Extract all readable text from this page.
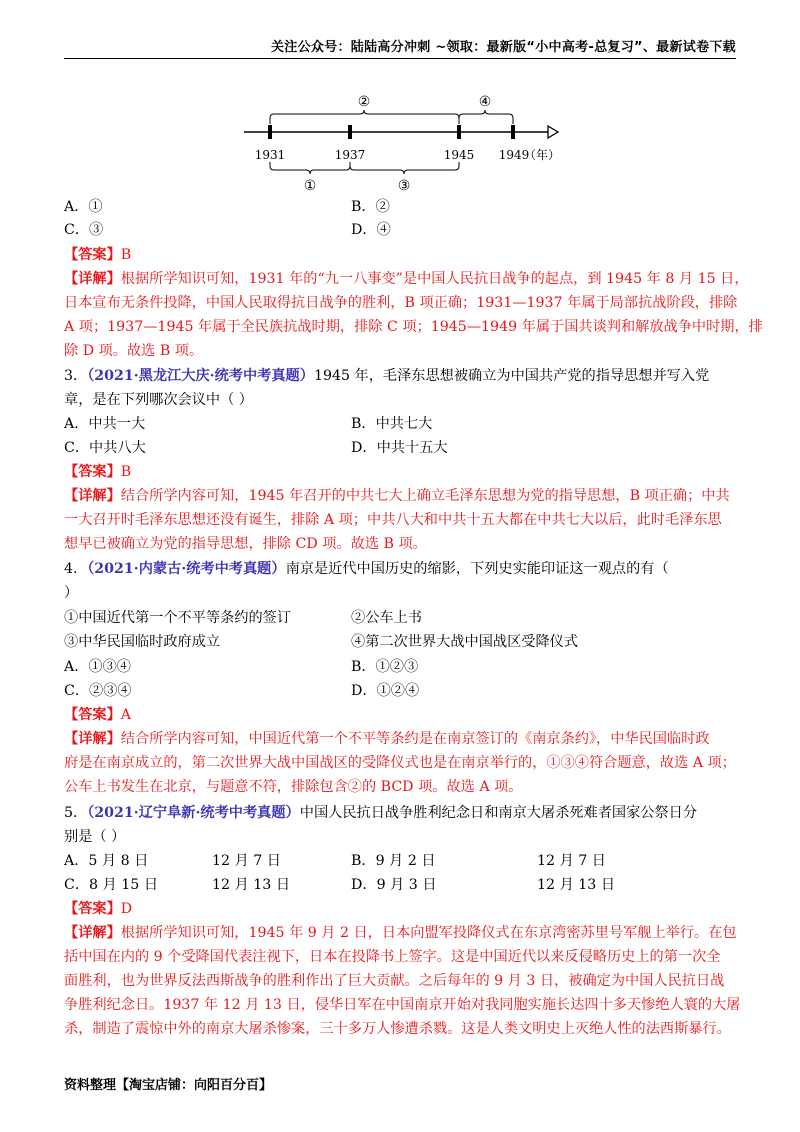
关注公众号：陆陆高分冲刺 ~领取：最新版“小中高考-总复习”、最新试卷下载
②	④
1931	1937	1945 1949
（年）
①	③
A．①	B．②
C．③	D．④
【答案】B
【详解】根据所学知识可知，1931 年的“九一八事变”是中国人民抗日战争的起点，到 1945 年 8 月 15 日，
日本宣布无条件投降，中国人民取得抗日战争的胜利，B 项正确；1931—1937 年属于局部抗战阶段，排除
A 项；1937—1945 年属于全民族抗战时期，排除 C 项；1945—1949 年属于国共谈判和解放战争中时期，排
除 D 项。故选 B 项。
3．（2021·黑龙江大庆·统考中考真题）1945 年，毛泽东思想被确立为中国共产党的指导思想并写入党
章，是在下列哪次会议中（ ）
A．中共一大	B．中共七大
C．中共八大	D．中共十五大
【答案】B
【详解】结合所学内容可知，1945 年召开的中共七大上确立毛泽东思想为党的指导思想，B 项正确；中共
一大召开时毛泽东思想还没有诞生，排除 A 项；中共八大和中共十五大都在中共七大以后，此时毛泽东思
想早已被确立为党的指导思想，排除 CD 项。故选 B 项。
4．（2021·内蒙古·统考中考真题）南京是近代中国历史的缩影，下列史实能印证这一观点的有（
）
①中国近代第一个不平等条约的签订	②公车上书
③中华民国临时政府成立	④第二次世界大战中国战区受降仪式
A．①③④	B．①②③
C．②③④	D．①②④
【答案】A
【详解】结合所学内容可知，中国近代第一个不平等条约是在南京签订的《南京条约》，中华民国临时政
府是在南京成立的，第二次世界大战中国战区的受降仪式也是在南京举行的，①③④符合题意，故选 A 项；
公车上书发生在北京，与题意不符，排除包含②的 BCD 项。故选 A 项。
5．（2021·辽宁阜新·统考中考真题）中国人民抗日战争胜利纪念日和南京大屠杀死难者国家公祭日分
别是（ ）
A．5 月 8 日	12 月 7 日	B．9 月 2 日	12 月 7 日
C．8 月 15 日	12 月 13 日	D．9 月 3 日	12 月 13 日
【答案】D
【详解】根据所学知识可知，1945 年 9 月 2 日，日本向盟军投降仪式在东京湾密苏里号军舰上举行。在包
括中国在内的 9 个受降国代表注视下，日本在投降书上签字。这是中国近代以来反侵略历史上的第一次全
面胜利，也为世界反法西斯战争的胜利作出了巨大贡献。之后每年的 9 月 3 日，被确定为中国人民抗日战
争胜利纪念日。1937 年 12 月 13 日，侵华日军在中国南京开始对我同胞实施长达四十多天惨绝人寰的大屠
杀，制造了震惊中外的南京大屠杀惨案，三十多万人惨遭杀戮。这是人类文明史上灭绝人性的法西斯暴行。
资料整理【淘宝店铺：向阳百分百】
